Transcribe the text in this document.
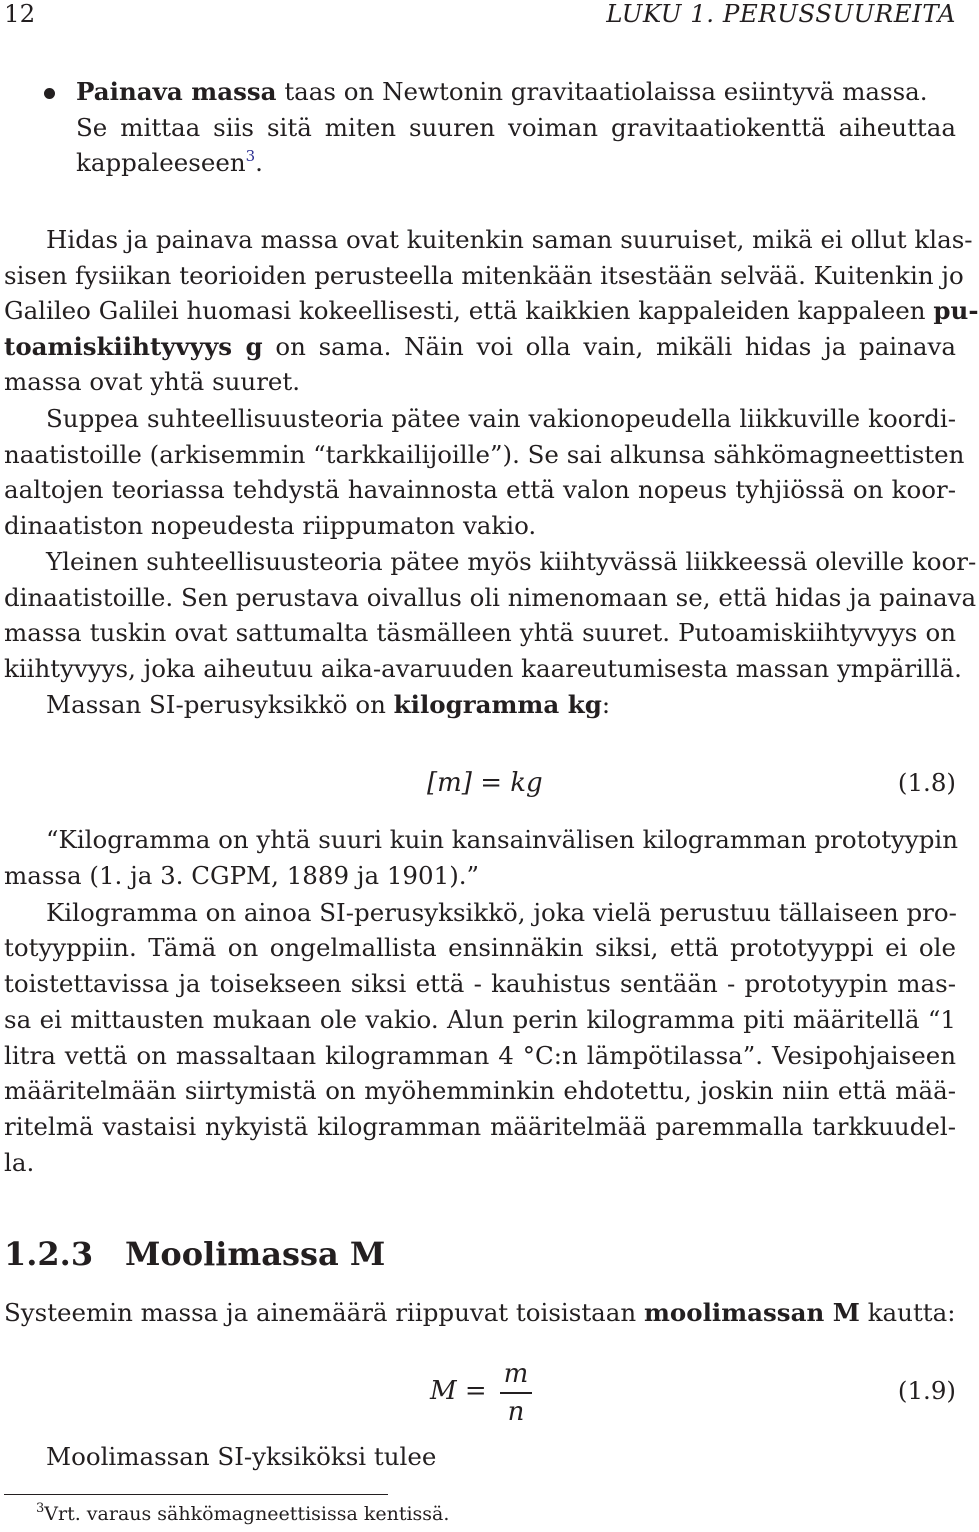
12	LUKU 1. PERUSSUUREITA
Painava massa taas on Newtonin gravitaatiolaissa esiintyvä massa.
Se mittaa siis sitä miten suuren voiman gravitaatiokenttä aiheuttaa
kappaleeseen$^3$.
Hidas ja painava massa ovat kuitenkin saman suuruiset, mikä ei ollut klas-
sisen fysiikan teorioiden perusteella mitenkään itsestään selvää. Kuitenkin jo
Galileo Galilei huomasi kokeellisesti, että kaikkien kappaleiden kappaleen pu-
toamiskiihtyvyys g on sama. Näin voi olla vain, mikäli hidas ja painava
massa ovat yhtä suuret.
Suppea suhteellisuusteoria pätee vain vakionopeudella liikkuville koordi-
naatistoille (arkisemmin “tarkkailijoille”). Se sai alkunsa sähkömagneettisten
aaltojen teoriassa tehdystä havainnosta että valon nopeus tyhjiössä on koor-
dinaatiston nopeudesta riippumaton vakio.
Yleinen suhteellisuusteoria pätee myös kiihtyvässä liikkeessä oleville koor-
dinaatistoille. Sen perustava oivallus oli nimenomaan se, että hidas ja painava
massa tuskin ovat sattumalta täsmälleen yhtä suuret. Putoamiskiihtyvyys on
kiihtyvyys, joka aiheutuu aika-avaruuden kaareutumisesta massan ympärillä.
Massan SI-perusyksikkö on kilogramma kg:
[m] = kg	(1.8)
“Kilogramma on yhtä suuri kuin kansainvälisen kilogramman prototyypin
massa (1. ja 3. CGPM, 1889 ja 1901).”
Kilogramma on ainoa SI-perusyksikkö, joka vielä perustuu tällaiseen pro-
totyyppiin. Tämä on ongelmallista ensinnäkin siksi, että prototyyppi ei ole
toistettavissa ja toisekseen siksi että - kauhistus sentään - prototyypin mas-
sa ei mittausten mukaan ole vakio. Alun perin kilogramma piti määritellä “1
litra vettä on massaltaan kilogramman 4 °C:n lämpötilassa”. Vesipohjaiseen
määritelmään siirtymistä on myöhemminkin ehdotettu, joskin niin että mää-
ritelmä vastaisi nykyistä kilogramman määritelmää paremmalla tarkkuudel-
la.
1.2.3 Moolimassa M
Systeemin massa ja ainemäärä riippuvat toisistaan moolimassan M kautta:
M =
m
n
(1.9)
Moolimassan SI-yksiköksi tulee
$^3$Vrt. varaus sähkömagneettisissa kentissä.
